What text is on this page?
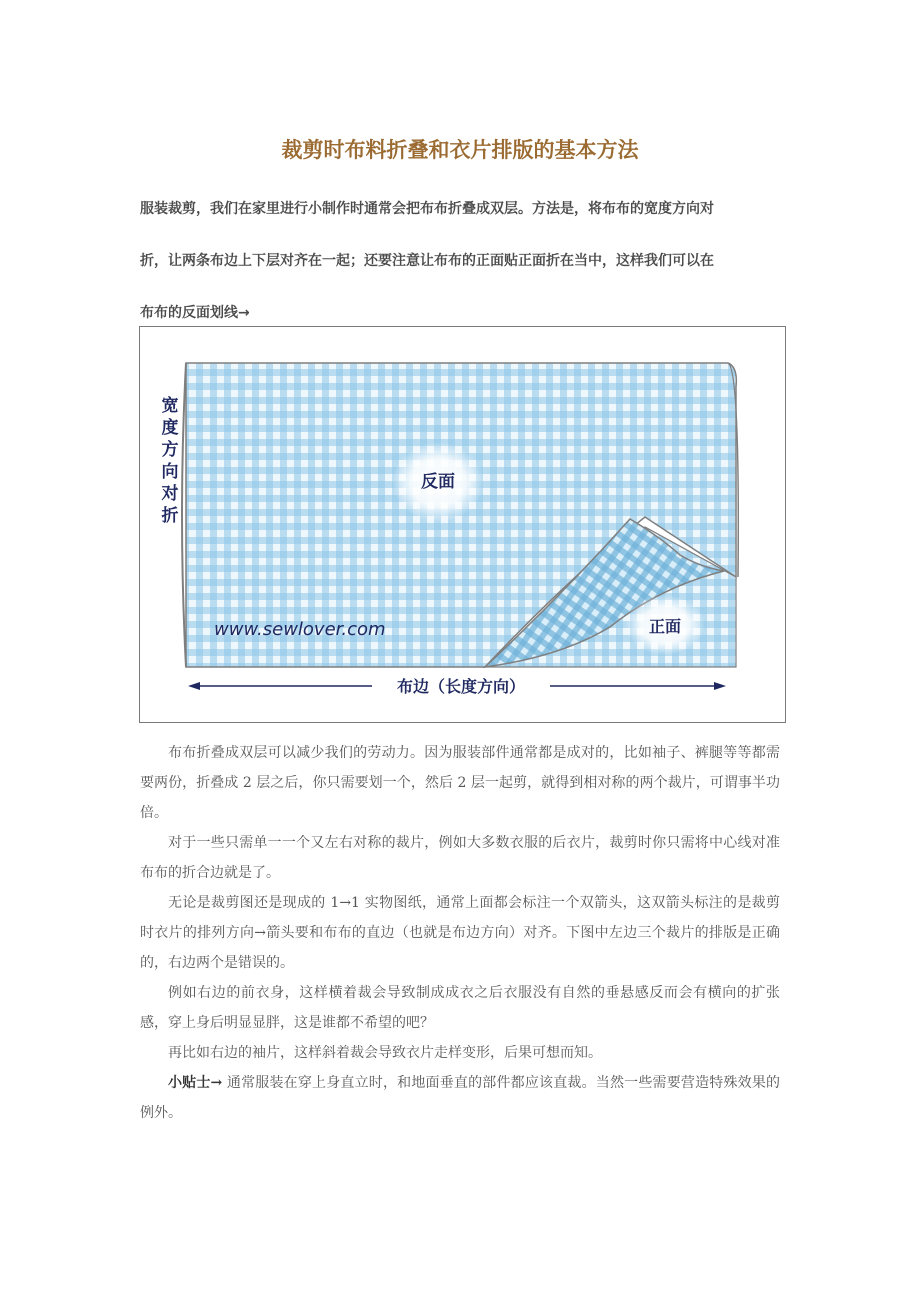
裁剪时布料折叠和衣片排版的基本方法
服装裁剪，我们在家里进行小制作时通常会把布布折叠成双层。方法是，将布布的宽度方向对
折，让两条布边上下层对齐在一起；还要注意让布布的正面贴正面折在当中，这样我们可以在
布布的反面划线→
宽
度
方
向
对
折
反面
正面
www.sewlover.com
布边（长度方向）

布布折叠成双层可以减少我们的劳动力。因为服装部件通常都是成对的，比如袖子、裤腿等等都需要两份，折叠成 2 层之后，你只需要划一个，然后 2 层一起剪，就得到相对称的两个裁片，可谓事半功倍。

对于一些只需单一一个又左右对称的裁片，例如大多数衣服的后衣片，裁剪时你只需将中心线对准布布的折合边就是了。

无论是裁剪图还是现成的 1→1 实物图纸，通常上面都会标注一个双箭头，这双箭头标注的是裁剪时衣片的排列方向→箭头要和布布的直边（也就是布边方向）对齐。下图中左边三个裁片的排版是正确的，右边两个是错误的。

例如右边的前衣身，这样横着裁会导致制成成衣之后衣服没有自然的垂悬感反而会有横向的扩张感，穿上身后明显显胖，这是谁都不希望的吧？

再比如右边的袖片，这样斜着裁会导致衣片走样变形，后果可想而知。

小贴士→ 通常服装在穿上身直立时，和地面垂直的部件都应该直裁。当然一些需要营造特殊效果的例外。
